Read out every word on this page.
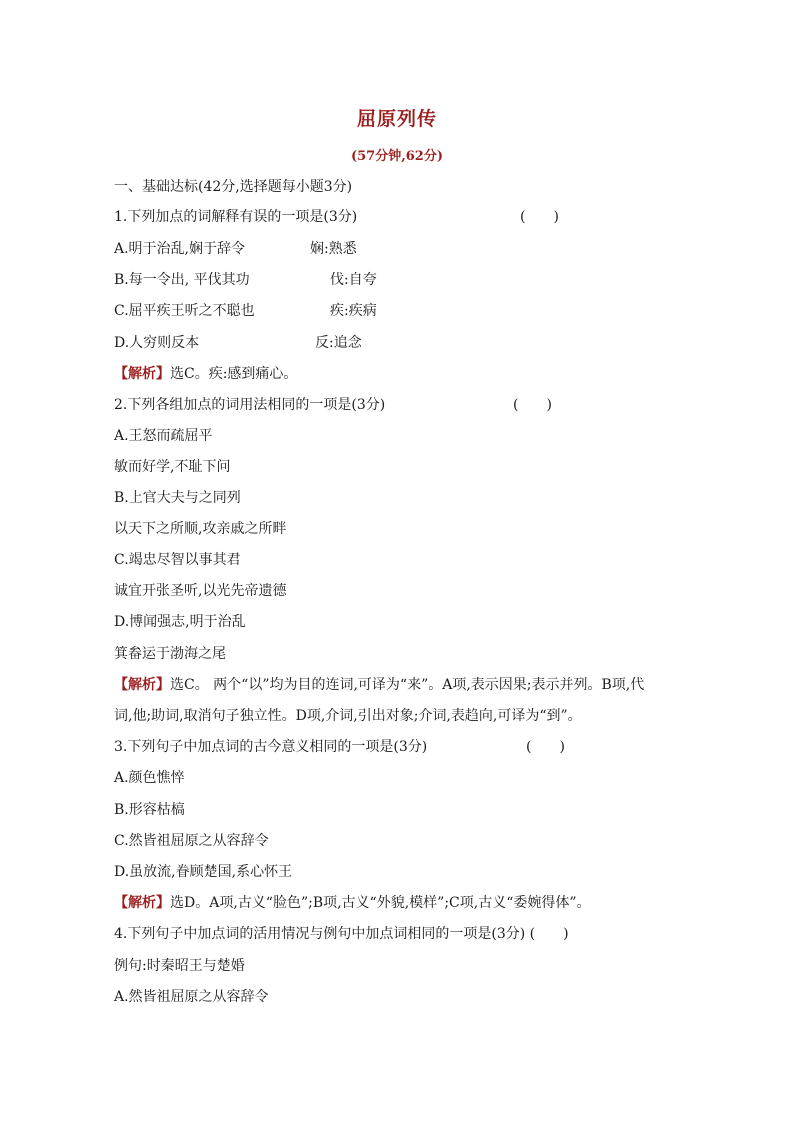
屈原列传
(57分钟,62分)
一、基础达标(42分,选择题每小题3分)
1.下列加点的词解释有误的一项是(3分)	(　　)
A.明于治乱,娴于辞令	娴:熟悉
B.每一令出, 平伐其功	伐:自夸
C.屈平疾王听之不聪也	疾:疾病
D.人穷则反本	反:追念
【解析】选C。疾:感到痛心。
2.下列各组加点的词用法相同的一项是(3分)	(　　)
A.王怒而疏屈平
敏而好学,不耻下问
B.上官大夫与之同列
以天下之所顺,攻亲戚之所畔
C.竭忠尽智以事其君
诚宜开张圣听,以光先帝遗德
D.博闻强志,明于治乱
箕畚运于渤海之尾
【解析】选C。 两个“以”均为目的连词,可译为“来”。A项,表示因果;表示并列。B项,代
词,他;助词,取消句子独立性。D项,介词,引出对象;介词,表趋向,可译为“到”。
3.下列句子中加点词的古今意义相同的一项是(3分)	(　　)
A.颜色憔悴
B.形容枯槁
C.然皆祖屈原之从容辞令
D.虽放流,眷顾楚国,系心怀王
【解析】选D。A项,古义“脸色”;B项,古义“外貌,模样”;C项,古义“委婉得体”。
4.下列句子中加点词的活用情况与例句中加点词相同的一项是(3分) (　　)
例句:时秦昭王与楚婚
A.然皆祖屈原之从容辞令
